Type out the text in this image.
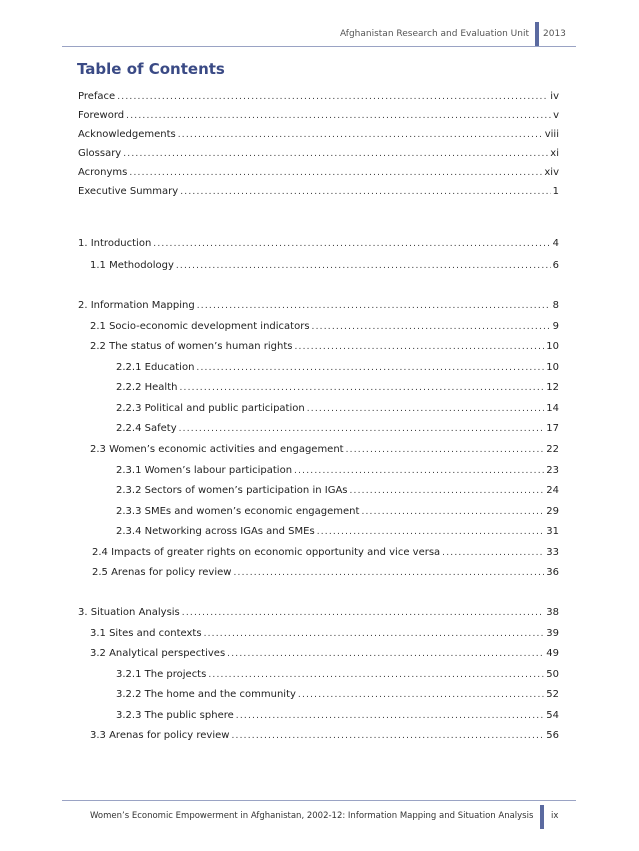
Afghanistan Research and Evaluation Unit 2013
Table of Contents
Preface .....	iv
Foreword .....	v
Acknowledgements .....	viii
Glossary .....	xi
Acronyms .....	xiv
Executive Summary .....	1
1. Introduction .....	4
1.1 Methodology .....	6
2. Information Mapping .....	8
2.1 Socio-economic development indicators .....	9
2.2 The status of women’s human rights .....	10
2.2.1 Education .....	10
2.2.2 Health .....	12
2.2.3 Political and public participation .....	14
2.2.4 Safety .....	17
2.3 Women’s economic activities and engagement .....	22
2.3.1 Women’s labour participation .....	23
2.3.2 Sectors of women’s participation in IGAs .....	24
2.3.3 SMEs and women’s economic engagement .....	29
2.3.4 Networking across IGAs and SMEs .....	31
2.4 Impacts of greater rights on economic opportunity and vice versa .....	33
2.5 Arenas for policy review .....	36
3. Situation Analysis .....	38
3.1 Sites and contexts .....	39
3.2 Analytical perspectives .....	49
3.2.1 The projects .....	50
3.2.2 The home and the community .....	52
3.2.3 The public sphere .....	54
3.3 Arenas for policy review .....	56
Women’s Economic Empowerment in Afghanistan, 2002-12: Information Mapping and Situation Analysis ix
